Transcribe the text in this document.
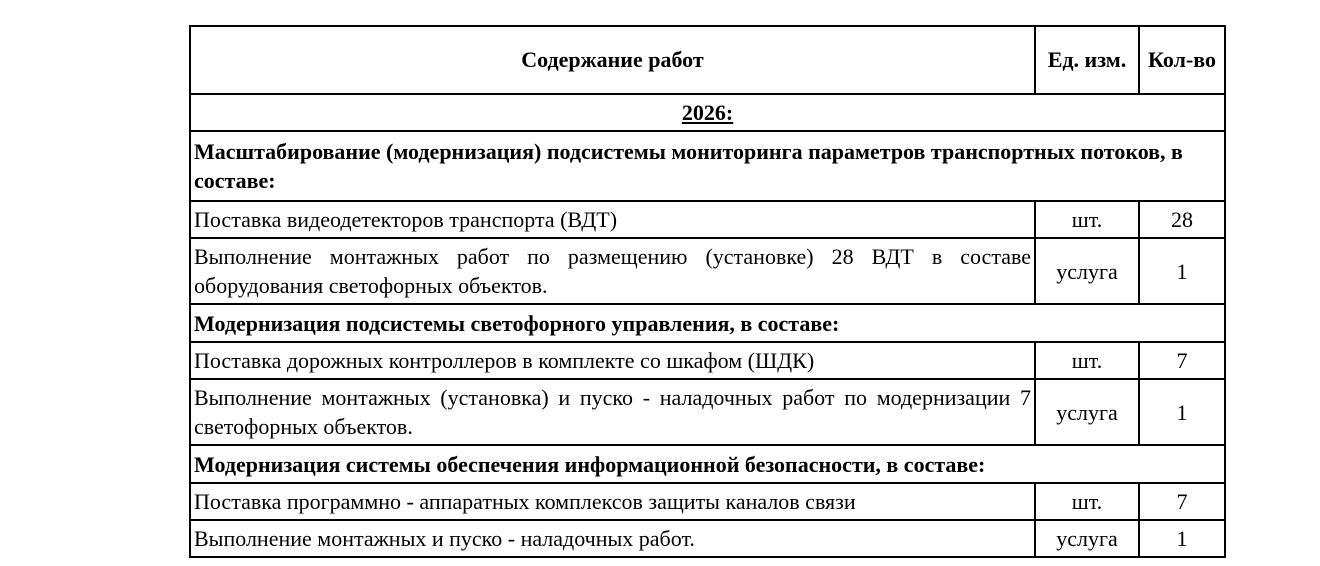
Содержание работ	Ед. изм.	Кол-во
2026:		
Масштабирование (модернизация) подсистемы мониторинга параметров транспортных потоков, в составе:		
Поставка видеодетекторов транспорта (ВДТ)	шт.	28
Выполнение монтажных работ по размещению (установке) 28 ВДТ в составе оборудования светофорных объектов.	услуга	1
Модернизация подсистемы светофорного управления, в составе:		
Поставка дорожных контроллеров в комплекте со шкафом (ШДК)	шт.	7
Выполнение монтажных (установка) и пуско - наладочных работ по модернизации 7 светофорных объектов.	услуга	1
Модернизация системы обеспечения информационной безопасности, в составе:		
Поставка программно - аппаратных комплексов защиты каналов связи	шт.	7
Выполнение монтажных и пуско - наладочных работ.	услуга	1
